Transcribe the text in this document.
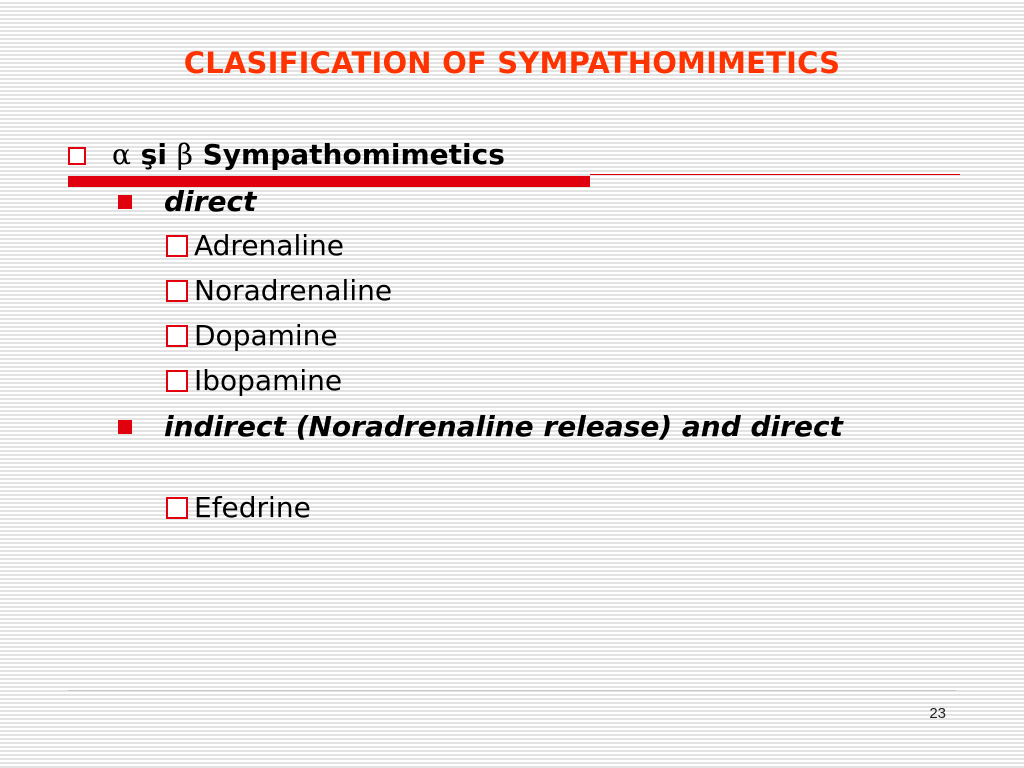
CLASIFICATION OF SYMPATHOMIMETICS
α şi β Sympathomimetics
direct
Adrenaline
Noradrenaline
Dopamine
Ibopamine
indirect (Noradrenaline release) and direct
Efedrine
23
